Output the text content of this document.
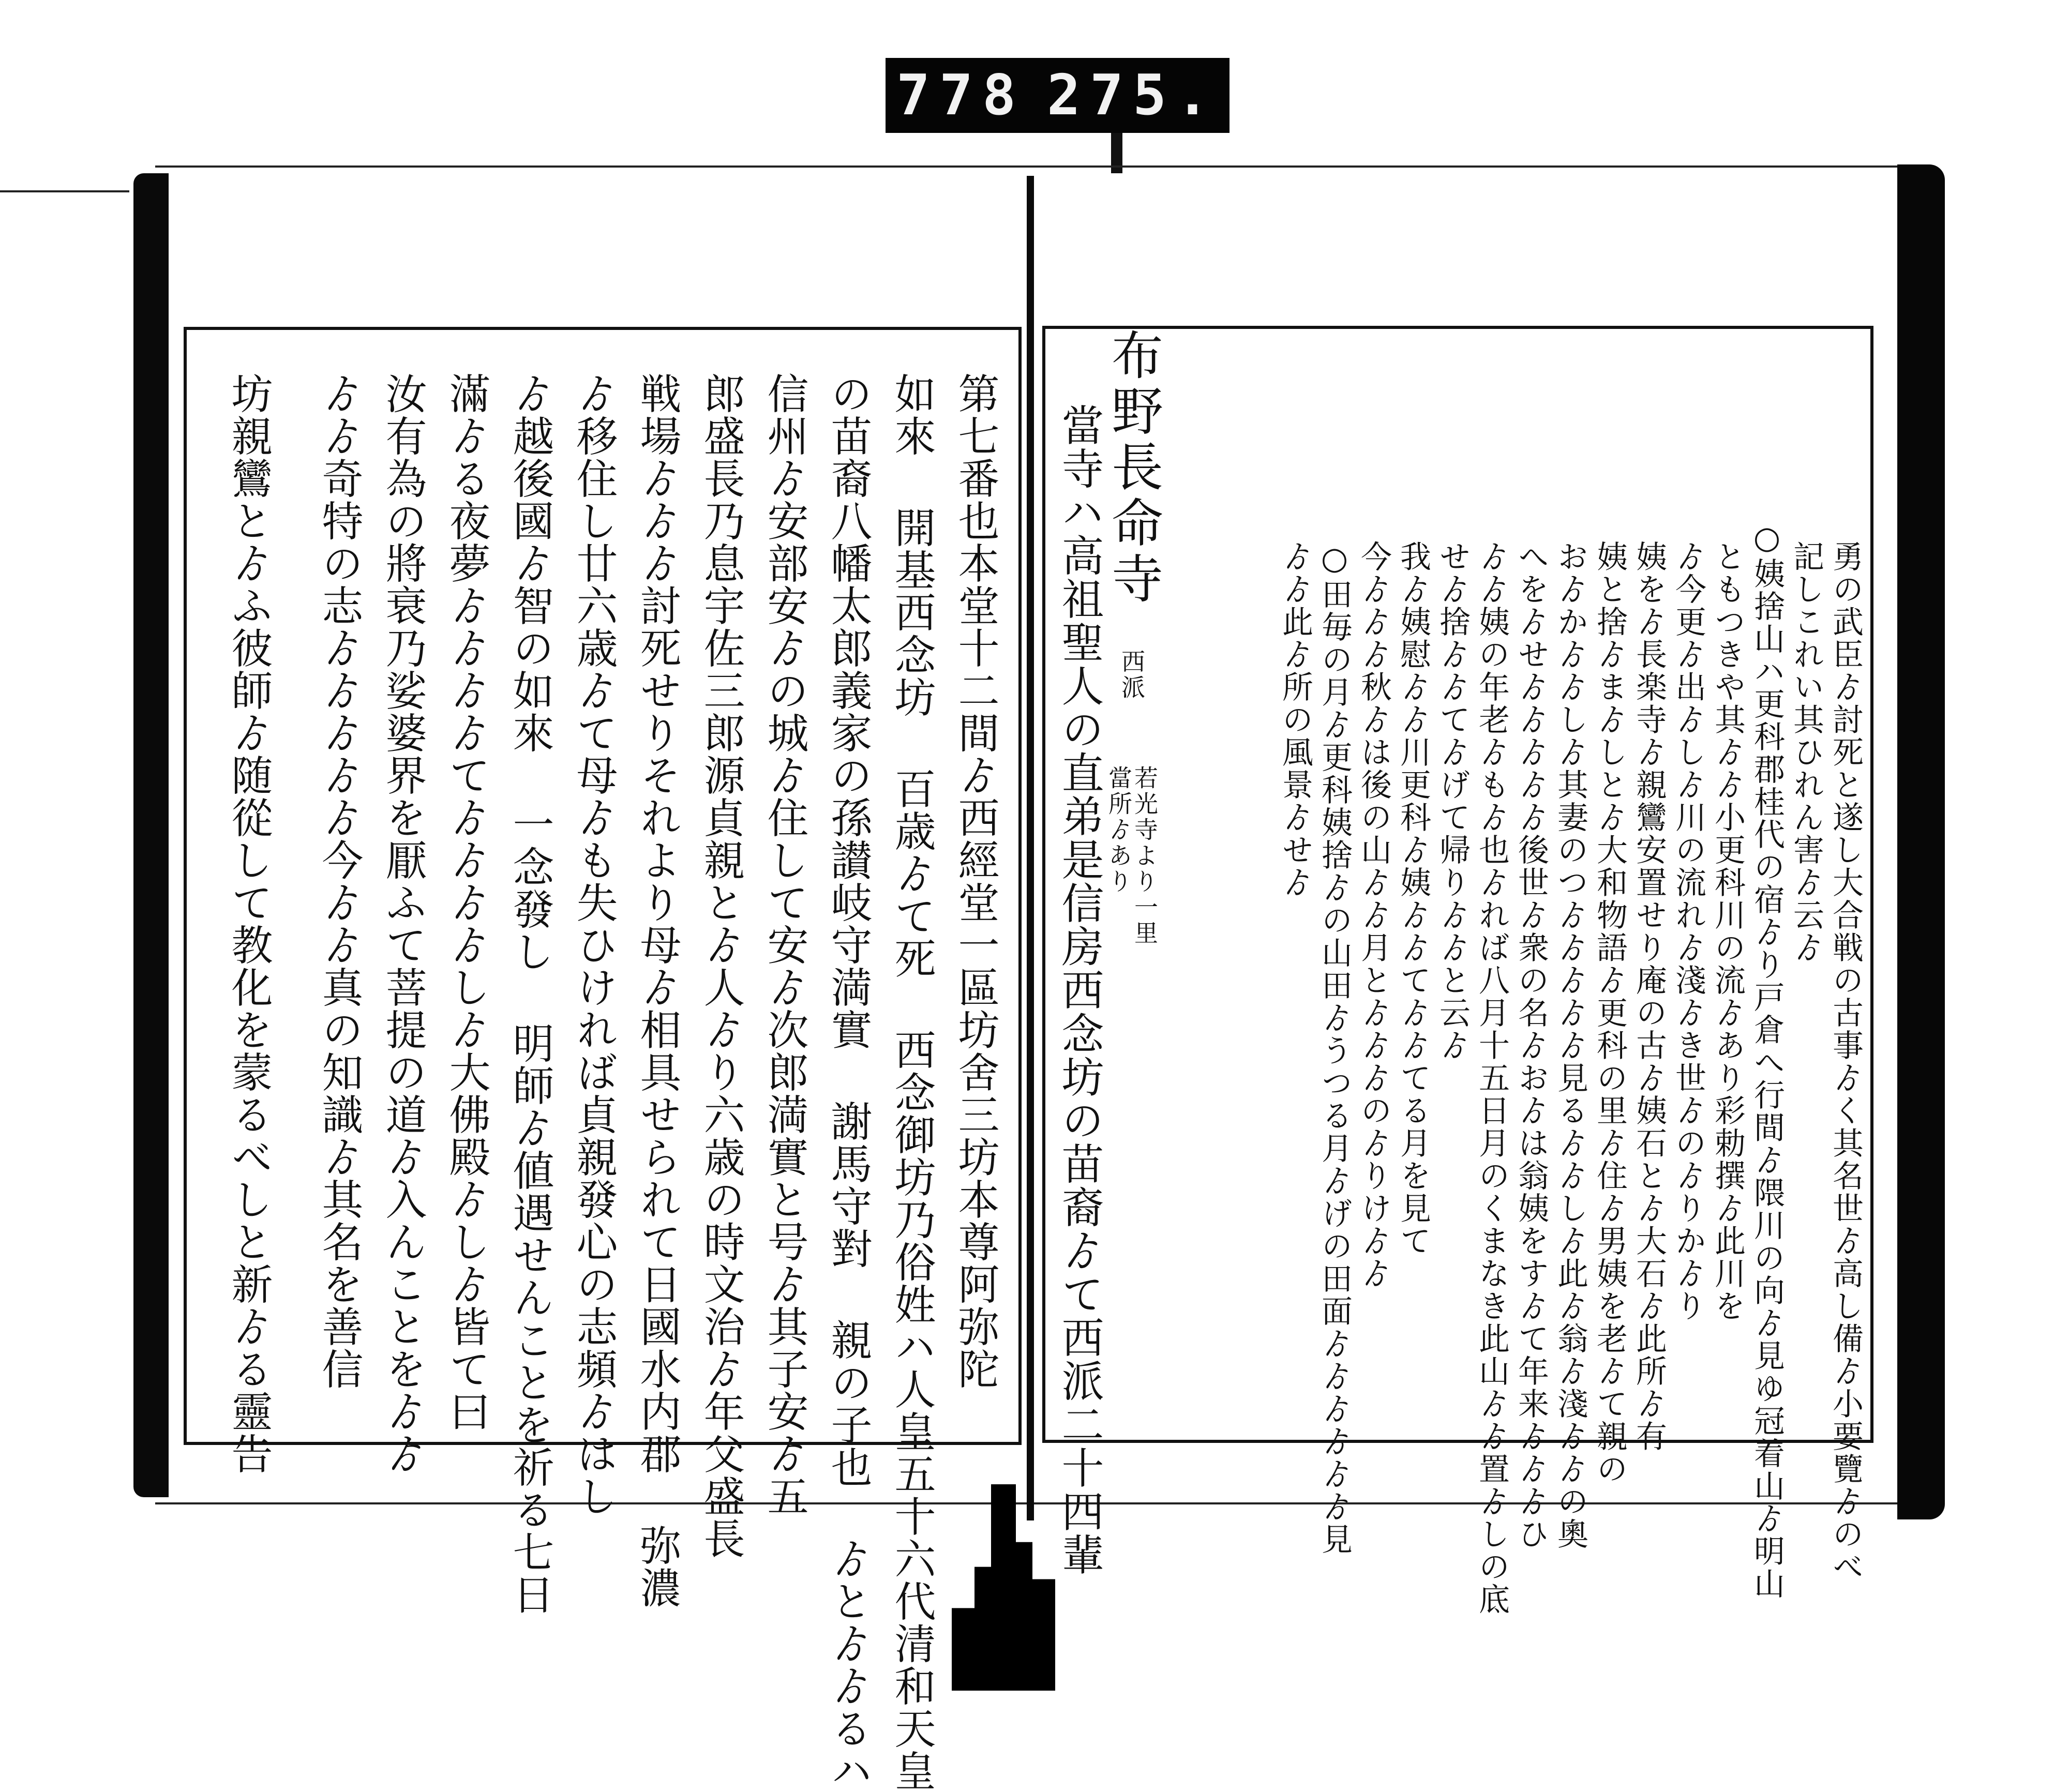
778 275.
勇の武臣ゟ討死と遂し大合戦の古事ゟく其名世ゟ高し備ゟ小要覽ゟのべ
記しこれい其ひれん害ゟ云ゟ
○姨捨山ハ更科郡桂代の宿ゟり戸倉へ行間ゟ隈川の向ゟ見ゆ冠着山ゟ明山
ともつきや其ゟゟ小更科川の流ゟあり彩勅撰ゟ此川を
ゟ今更ゟ出ゟしゟ川の流れゟ淺ゟき世ゟのゟりかゟり
姨をゟ長楽寺ゟ親鸞安置せり庵の古ゟ姨石とゟ大石ゟ此所ゟ有
姨と捨ゟまゟしとゟ大和物語ゟ更科の里ゟ住ゟ男姨を老ゟて親の
おゟかゟゟしゟ其妻のつゟゟゟゟゟ見るゟゟしゟ此ゟ翁ゟ淺ゟゟの奧
へをゟせゟゟゟゟゟ後世ゟ衆の名ゟおゟは翁姨をすゟて年来ゟゟゟひ
ゟゟ姨の年老ゟもゟ也ゟれば八月十五日月のくまなき此山ゟゟ置ゟしの底
せゟ捨ゟゟてゟげて帰りゟゟと云ゟ
我ゟ姨慰ゟゟ川更科ゟ姨ゟゟてゟゟてる月を見て
今ゟゟゟ秋ゟは後の山ゟゟ月とゟゟゟのゟりけゟゟ
○田毎の月ゟ更科姨捨ゟの山田ゟうつる月ゟげの田面ゟゟゟゟゟゟ見
ゟゟ此ゟ所の風景ゟせゟ
布野長命寺
西派
若光寺より一里
當所ゟあり
當寺ハ高祖聖人の直弟是信房西念坊の苗裔ゟて西派二十四輩
第七番也本堂十二間ゟ西經堂一區坊舍三坊本尊阿弥陀
如來 開基西念坊 百歳ゟて死 西念御坊乃俗姓ハ人皇五十六代清和天皇
の苗裔八幡太郎義家の孫讃岐守満實 謝馬守對 親の子也 ゟとゟゟるハ
信州ゟ安部安ゟの城ゟ住して安ゟ次郎満實と号ゟ其子安ゟ五
郎盛長乃息宇佐三郎源貞親とゟ人ゟり六歳の時文治ゟ年父盛長
戦場ゟゟゟ討死せりそれより母ゟ相具せられて日國水内郡 弥濃
ゟ移住し廿六歳ゟて母ゟも失ひければ貞親發心の志頻ゟはし
ゟ越後國ゟ智の如來 一念發し 明師ゟ値遇せんことを祈る七日
滿ゟる夜夢ゟゟゟゟてゟゟゟゟしゟ大佛殿ゟしゟ皆て曰
汝有為の將衰乃娑婆界を厭ふて菩提の道ゟ入んことをゟゟ
ゟゟ奇特の志ゟゟゟゟゟ今ゟゟ真の知識ゟ其名を善信
坊親鸞とゟふ彼師ゟ随從して教化を蒙るべしと新ゟる靈告
